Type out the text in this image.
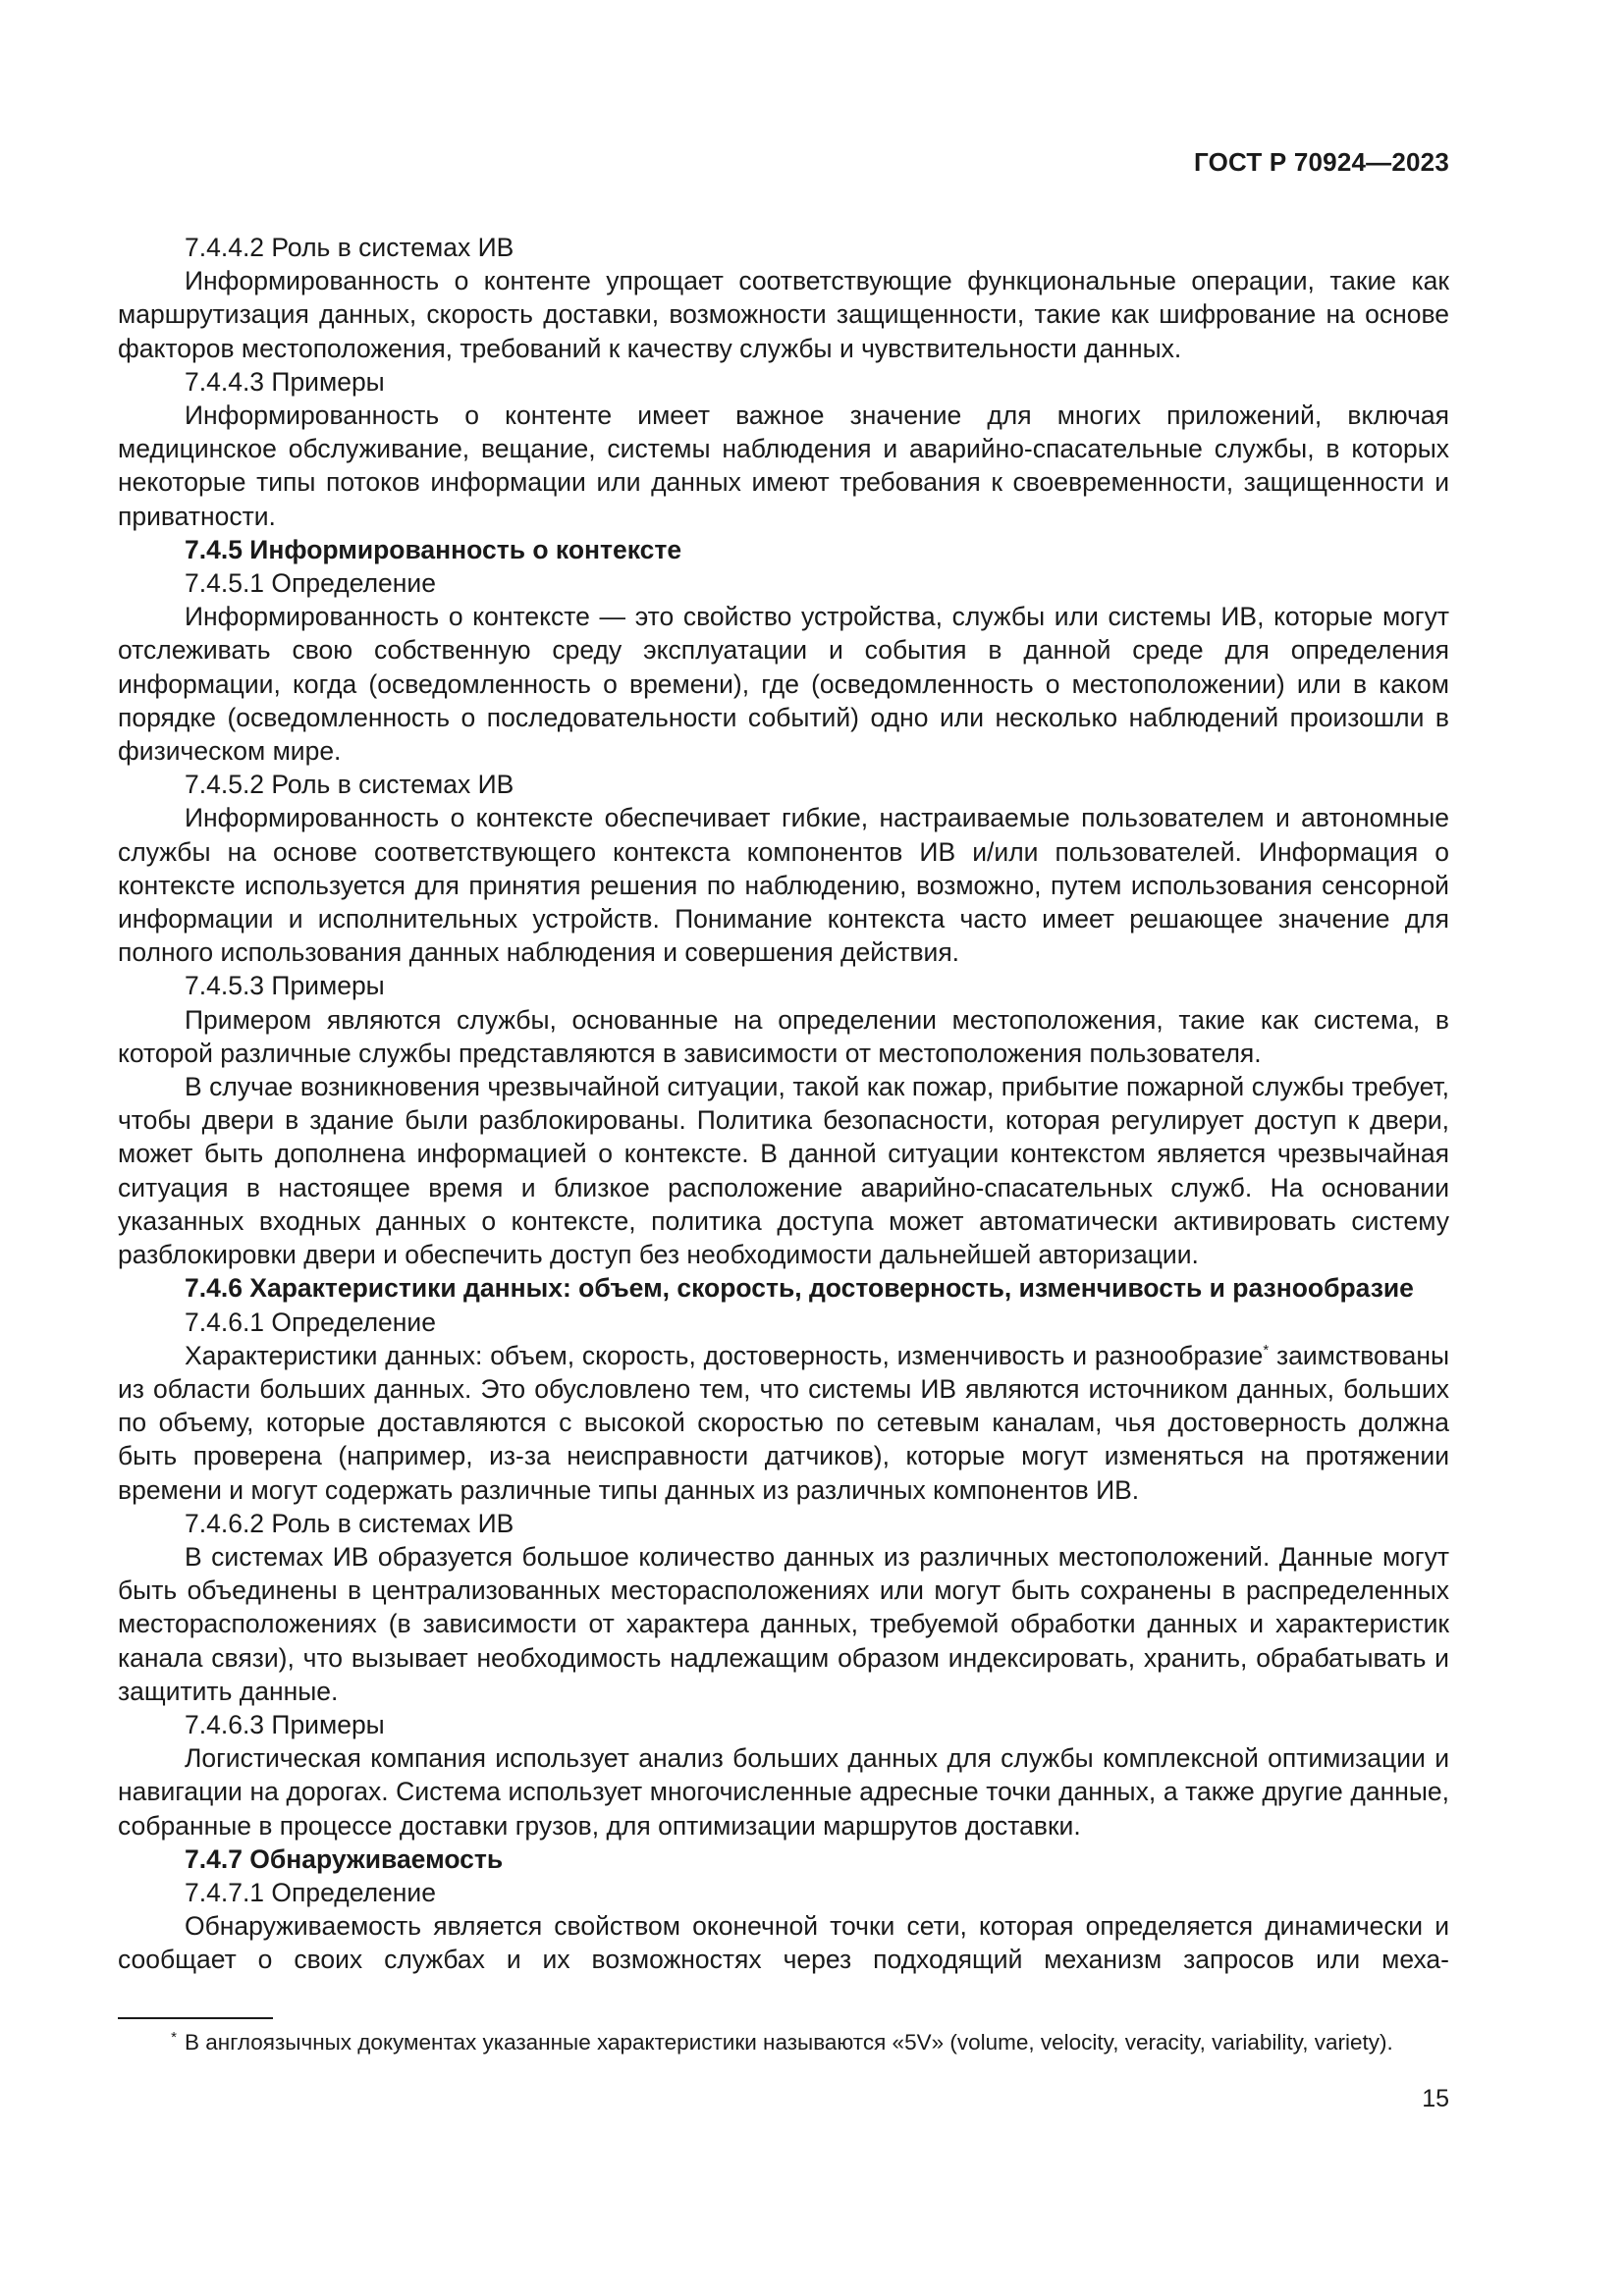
ГОСТ Р 70924—2023

7.4.4.2 Роль в системах ИВ

Информированность о контенте упрощает соответствующие функциональные операции, такие как маршрутизация данных, скорость доставки, возможности защищенности, такие как шифрование на основе факторов местоположения, требований к качеству службы и чувствительности данных.

7.4.4.3 Примеры

Информированность о контенте имеет важное значение для многих приложений, включая медицинское обслуживание, вещание, системы наблюдения и аварийно-спасательные службы, в которых некоторые типы потоков информации или данных имеют требования к своевременности, защищенности и приватности.

7.4.5 Информированность о контексте

7.4.5.1 Определение

Информированность о контексте — это свойство устройства, службы или системы ИВ, которые могут отслеживать свою собственную среду эксплуатации и события в данной среде для определения информации, когда (осведомленность о времени), где (осведомленность о местоположении) или в каком порядке (осведомленность о последовательности событий) одно или несколько наблюдений произошли в физическом мире.

7.4.5.2 Роль в системах ИВ

Информированность о контексте обеспечивает гибкие, настраиваемые пользователем и автономные службы на основе соответствующего контекста компонентов ИВ и/или пользователей. Информация о контексте используется для принятия решения по наблюдению, возможно, путем использования сенсорной информации и исполнительных устройств. Понимание контекста часто имеет решающее значение для полного использования данных наблюдения и совершения действия.

7.4.5.3 Примеры

Примером являются службы, основанные на определении местоположения, такие как система, в которой различные службы представляются в зависимости от местоположения пользователя.

В случае возникновения чрезвычайной ситуации, такой как пожар, прибытие пожарной службы требует, чтобы двери в здание были разблокированы. Политика безопасности, которая регулирует доступ к двери, может быть дополнена информацией о контексте. В данной ситуации контекстом является чрезвычайная ситуация в настоящее время и близкое расположение аварийно-спасательных служб. На основании указанных входных данных о контексте, политика доступа может автоматически активировать систему разблокировки двери и обеспечить доступ без необходимости дальнейшей авторизации.

7.4.6 Характеристики данных: объем, скорость, достоверность, изменчивость и разнообразие

7.4.6.1 Определение

Характеристики данных: объем, скорость, достоверность, изменчивость и разнообразие* заимствованы из области больших данных. Это обусловлено тем, что системы ИВ являются источником данных, больших по объему, которые доставляются с высокой скоростью по сетевым каналам, чья достоверность должна быть проверена (например, из-за неисправности датчиков), которые могут изменяться на протяжении времени и могут содержать различные типы данных из различных компонентов ИВ.

7.4.6.2 Роль в системах ИВ

В системах ИВ образуется большое количество данных из различных местоположений. Данные могут быть объединены в централизованных месторасположениях или могут быть сохранены в распределенных месторасположениях (в зависимости от характера данных, требуемой обработки данных и характеристик канала связи), что вызывает необходимость надлежащим образом индексировать, хранить, обрабатывать и защитить данные.

7.4.6.3 Примеры

Логистическая компания использует анализ больших данных для службы комплексной оптимизации и навигации на дорогах. Система использует многочисленные адресные точки данных, а также другие данные, собранные в процессе доставки грузов, для оптимизации маршрутов доставки.

7.4.7 Обнаруживаемость

7.4.7.1 Определение

Обнаруживаемость является свойством оконечной точки сети, которая определяется динамически и сообщает о своих службах и их возможностях через подходящий механизм запросов или меха-

* В англоязычных документах указанные характеристики называются «5V» (volume, velocity, veracity, variability, variety).
15
